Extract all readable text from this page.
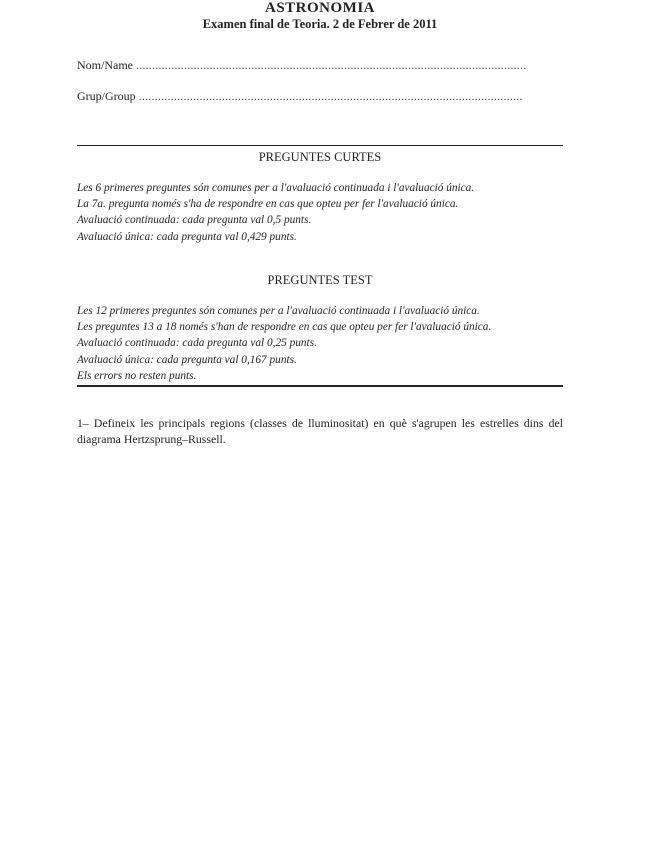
ASTRONOMIA
Examen final de Teoria. 2 de Febrer de 2011
Nom/Name ..........................................................................................................................
Grup/Group ........................................................................................................................
PREGUNTES CURTES
Les 6 primeres preguntes són comunes per a l'avaluació continuada i l'avaluació única.
La 7a. pregunta només s'ha de respondre en cas que opteu per fer l'avaluació única.
Avaluació continuada: cada pregunta val 0,5 punts.
Avaluació única: cada pregunta val 0,429 punts.
PREGUNTES TEST
Les 12 primeres preguntes són comunes per a l'avaluació continuada i l'avaluació única.
Les preguntes 13 a 18 només s'han de respondre en cas que opteu per fer l'avaluació única.
Avaluació continuada: cada pregunta val 0,25 punts.
Avaluació única: cada pregunta val 0,167 punts.
Els errors no resten punts.
1– Defineix les principals regions (classes de lluminositat) en què s'agrupen les estrelles dins del diagrama Hertzsprung–Russell.
